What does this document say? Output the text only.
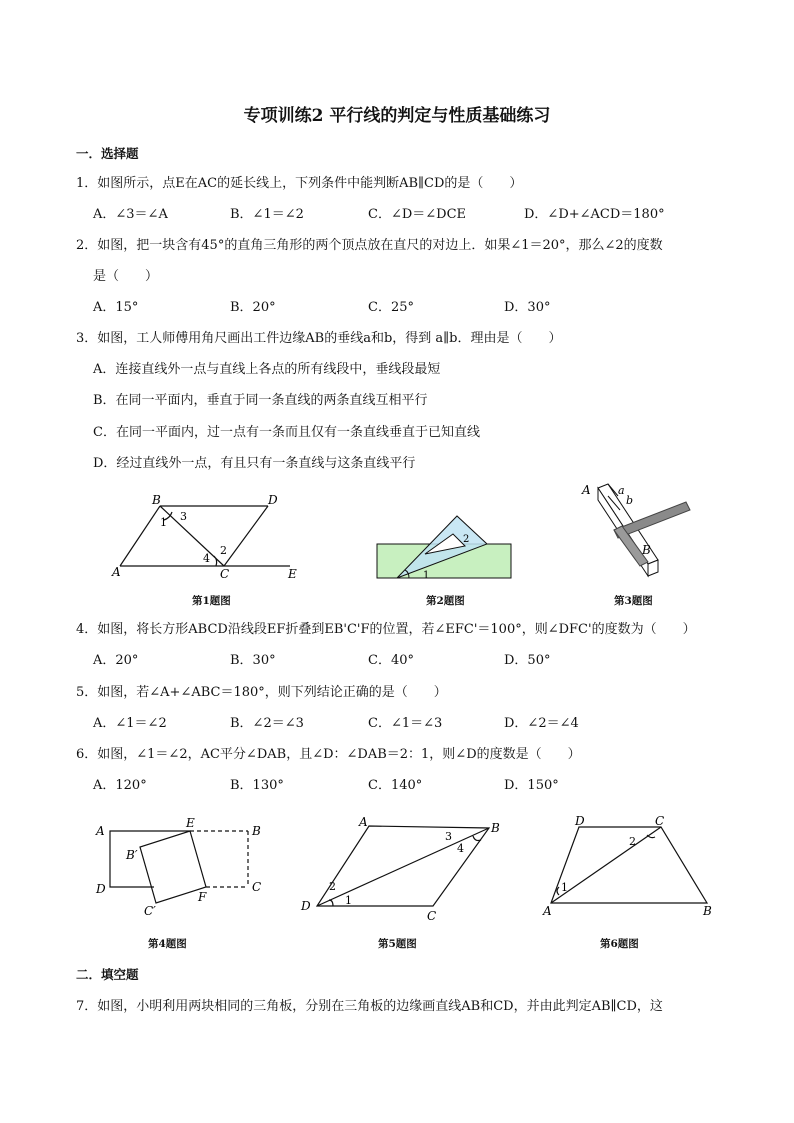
专项训练2 平行线的判定与性质基础练习
一．选择题
1．如图所示，点E在AC的延长线上，下列条件中能判断AB∥CD的是（　　）
A．∠3＝∠A	B．∠1＝∠2	C．∠D＝∠DCE	D．∠D+∠ACD＝180°
2．如图，把一块含有45°的直角三角形的两个顶点放在直尺的对边上．如果∠1＝20°，那么∠2的度数
是（　　）
A．15°	B．20°	C．25°	D．30°
3．如图，工人师傅用角尺画出工件边缘AB的垂线a和b，得到 a∥b．理由是（　　）
A．连接直线外一点与直线上各点的所有线段中，垂线段最短
B．在同一平面内，垂直于同一条直线的两条直线互相平行
C．在同一平面内，过一点有一条而且仅有一条直线垂直于已知直线
D．经过直线外一点，有且只有一条直线与这条直线平行
B	D
1 3
2
4
A	C	E
2
1
A a
b
B
第1题图	第2题图	第3题图
4．如图，将长方形ABCD沿线段EF折叠到EB'C'F的位置，若∠EFC'＝100°，则∠DFC'的度数为（　　）
A．20°	B．30°	C．40°	D．50°
5．如图，若∠A+∠ABC＝180°，则下列结论正确的是（　　）
A．∠1＝∠2	B．∠2＝∠3	C．∠1＝∠3	D．∠2＝∠4
6．如图，∠1＝∠2，AC平分∠DAB，且∠D：∠DAB＝2：1，则∠D的度数是（　　）
A．120°	B．130°	C．140°	D．150°
A
E
B
B′
D
C′
F
C
A	B
3
4
2
1
D
C
D	C
2
1
A	B
第4题图	第5题图	第6题图
二．填空题
7．如图，小明利用两块相同的三角板，分别在三角板的边缘画直线AB和CD，并由此判定AB∥CD，这
